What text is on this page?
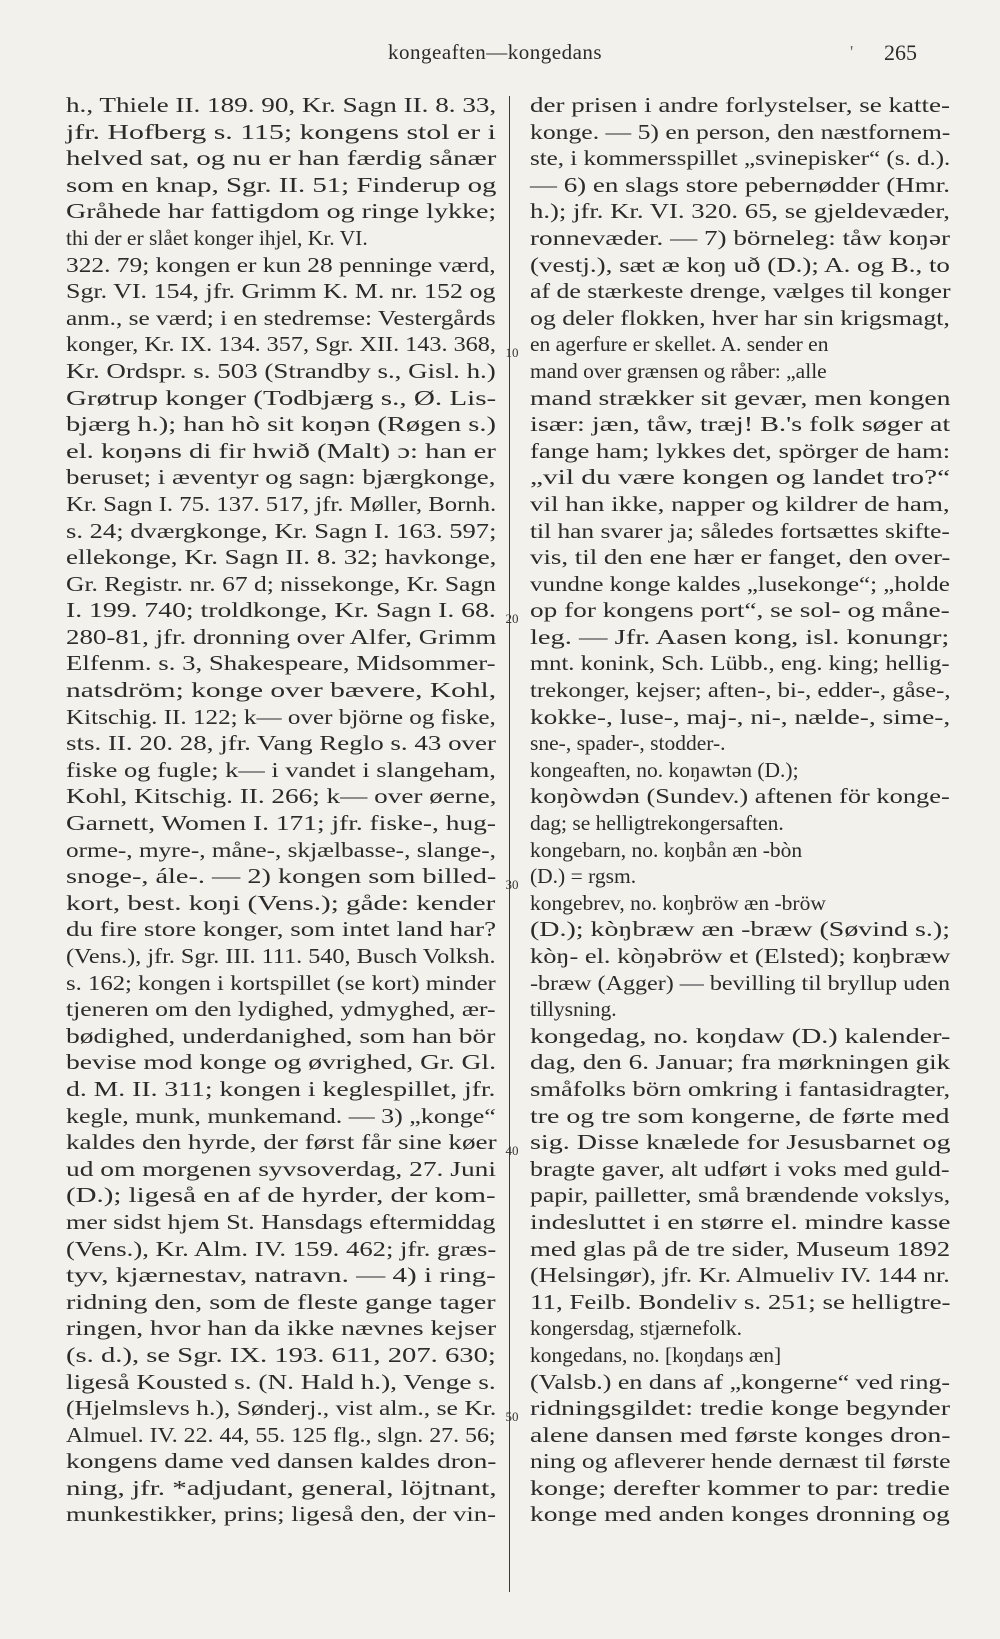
kongeaften—kongedans	' 265
h., Thiele II. 189. 90, Kr. Sagn II. 8. 33,
jfr. Hofberg s. 115; kongens stol er i
helved sat, og nu er han færdig sånær
som en knap, Sgr. II. 51; Finderup og
Gråhede har fattigdom og ringe lykke;
thi der er slået konger ihjel, Kr. VI.
322. 79; kongen er kun 28 penninge værd,
Sgr. VI. 154, jfr. Grimm K. M. nr. 152 og
anm., se værd; i en stedremse: Vestergårds
konger, Kr. IX. 134. 357, Sgr. XII. 143. 368,
Kr. Ordspr. s. 503 (Strandby s., Gisl. h.)
Grøtrup konger (Todbjærg s., Ø. Lis-
bjærg h.); han hò sit koŋən (Røgen s.)
el. koŋəns di fir hwið (Malt) ɔ: han er
beruset; i æventyr og sagn: bjærgkonge,
Kr. Sagn I. 75. 137. 517, jfr. Møller, Bornh.
s. 24; dværgkonge, Kr. Sagn I. 163. 597;
ellekonge, Kr. Sagn II. 8. 32; havkonge,
Gr. Registr. nr. 67 d; nissekonge, Kr. Sagn
I. 199. 740; troldkonge, Kr. Sagn I. 68.
280-81, jfr. dronning over Alfer, Grimm
Elfenm. s. 3, Shakespeare, Midsommer-
natsdröm; konge over bævere, Kohl,
Kitschig. II. 122; k— over björne og fiske,
sts. II. 20. 28, jfr. Vang Reglo s. 43 over
fiske og fugle; k— i vandet i slangeham,
Kohl, Kitschig. II. 266; k— over øerne,
Garnett, Women I. 171; jfr. fiske-, hug-
orme-, myre-, måne-, skjælbasse-, slange-,
snoge-, ále-. — 2) kongen som billed-
kort, best. koŋi (Vens.); gåde: kender
du fire store konger, som intet land har?
(Vens.), jfr. Sgr. III. 111. 540, Busch Volksh.
s. 162; kongen i kortspillet (se kort) minder
tjeneren om den lydighed, ydmyghed, ær-
bødighed, underdanighed, som han bör
bevise mod konge og øvrighed, Gr. Gl.
d. M. II. 311; kongen i keglespillet, jfr.
kegle, munk, munkemand. — 3) „konge“
kaldes den hyrde, der først får sine køer
ud om morgenen syvsoverdag, 27. Juni
(D.); ligeså en af de hyrder, der kom-
mer sidst hjem St. Hansdags eftermiddag
(Vens.), Kr. Alm. IV. 159. 462; jfr. græs-
tyv, kjærnestav, natravn. — 4) i ring-
ridning den, som de fleste gange tager
ringen, hvor han da ikke nævnes kejser
(s. d.), se Sgr. IX. 193. 611, 207. 630;
ligeså Kousted s. (N. Hald h.), Venge s.
(Hjelmslevs h.), Sønderj., vist alm., se Kr.
Almuel. IV. 22. 44, 55. 125 flg., slgn. 27. 56;
kongens dame ved dansen kaldes dron-
ning, jfr. *adjudant, general, löjtnant,
munkestikker, prins; ligeså den, der vin-
der prisen i andre forlystelser, se katte-
konge. — 5) en person, den næstfornem-
ste, i kommersspillet „svinepisker“ (s. d.).
— 6) en slags store pebernødder (Hmr.
h.); jfr. Kr. VI. 320. 65, se gjeldevæder,
ronnevæder. — 7) börneleg: tåw koŋər
(vestj.), sæt æ koŋ uð (D.); A. og B., to
af de stærkeste drenge, vælges til konger
og deler flokken, hver har sin krigsmagt,
en agerfure er skellet. A. sender en
mand over grænsen og råber: „alle
mand strækker sit gevær, men kongen
især: jæn, tåw, træj! B.'s folk søger at
fange ham; lykkes det, spörger de ham:
„vil du være kongen og landet tro?“
vil han ikke, napper og kildrer de ham,
til han svarer ja; således fortsættes skifte-
vis, til den ene hær er fanget, den over-
vundne konge kaldes „lusekonge“; „holde
op for kongens port“, se sol- og måne-
leg. — Jfr. Aasen kong, isl. konungr;
mnt. konink, Sch. Lübb., eng. king; hellig-
trekonger, kejser; aften-, bi-, edder-, gåse-,
kokke-, luse-, maj-, ni-, nælde-, sime-,
sne-, spader-, stodder-.
kongeaften, no. koŋawtən (D.);
koŋòwdən (Sundev.) aftenen för konge-
dag; se helligtrekongersaften.
kongebarn, no. koŋbån æn -bòn
(D.) = rgsm.
kongebrev, no. koŋbröw æn -bröw
(D.); kòŋbræw æn -bræw (Søvind s.);
kòŋ- el. kòŋəbröw et (Elsted); koŋbræw
-bræw (Agger) — bevilling til bryllup uden
tillysning.
kongedag, no. koŋdaw (D.) kalender-
dag, den 6. Januar; fra mørkningen gik
småfolks börn omkring i fantasidragter,
tre og tre som kongerne, de førte med
sig. Disse knælede for Jesusbarnet og
bragte gaver, alt udført i voks med guld-
papir, pailletter, små brændende vokslys,
indesluttet i en større el. mindre kasse
med glas på de tre sider, Museum 1892
(Helsingør), jfr. Kr. Almueliv IV. 144 nr.
11, Feilb. Bondeliv s. 251; se helligtre-
kongersdag, stjærnefolk.
kongedans, no. [koŋdaŋs æn]
(Valsb.) en dans af „kongerne“ ved ring-
ridningsgildet: tredie konge begynder
alene dansen med første konges dron-
ning og afleverer hende dernæst til første
konge; derefter kommer to par: tredie
konge med anden konges dronning og
10
20
30
40
50
